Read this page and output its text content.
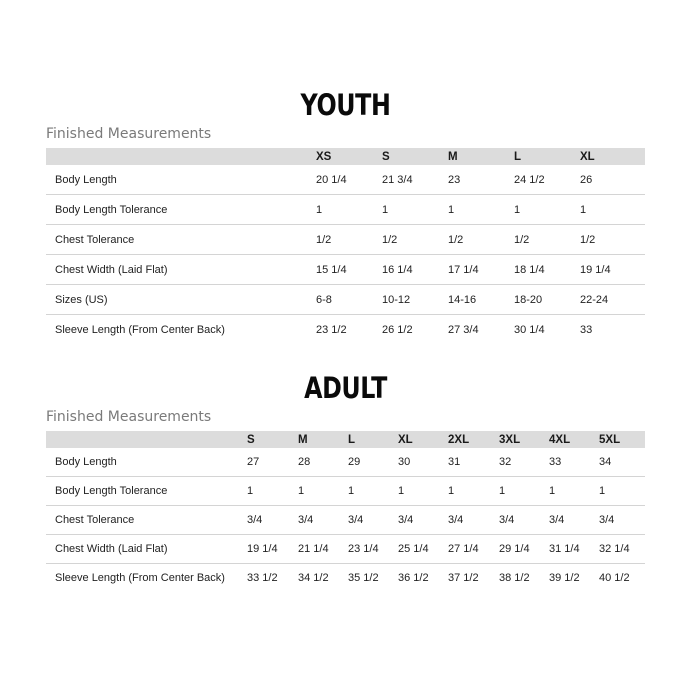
YOUTH
Finished Measurements
	XS	S	M	L	XL
Body Length	20 1/4	21 3/4	23	24 1/2	26
Body Length Tolerance	1	1	1	1	1
Chest Tolerance	1/2	1/2	1/2	1/2	1/2
Chest Width (Laid Flat)	15 1/4	16 1/4	17 1/4	18 1/4	19 1/4
Sizes (US)	6-8	10-12	14-16	18-20	22-24
Sleeve Length (From Center Back)	23 1/2	26 1/2	27 3/4	30 1/4	33
ADULT
Finished Measurements
	S	M	L	XL	2XL	3XL	4XL	5XL
Body Length	27	28	29	30	31	32	33	34
Body Length Tolerance	1	1	1	1	1	1	1	1
Chest Tolerance	3/4	3/4	3/4	3/4	3/4	3/4	3/4	3/4
Chest Width (Laid Flat)	19 1/4	21 1/4	23 1/4	25 1/4	27 1/4	29 1/4	31 1/4	32 1/4
Sleeve Length (From Center Back)	33 1/2	34 1/2	35 1/2	36 1/2	37 1/2	38 1/2	39 1/2	40 1/2
